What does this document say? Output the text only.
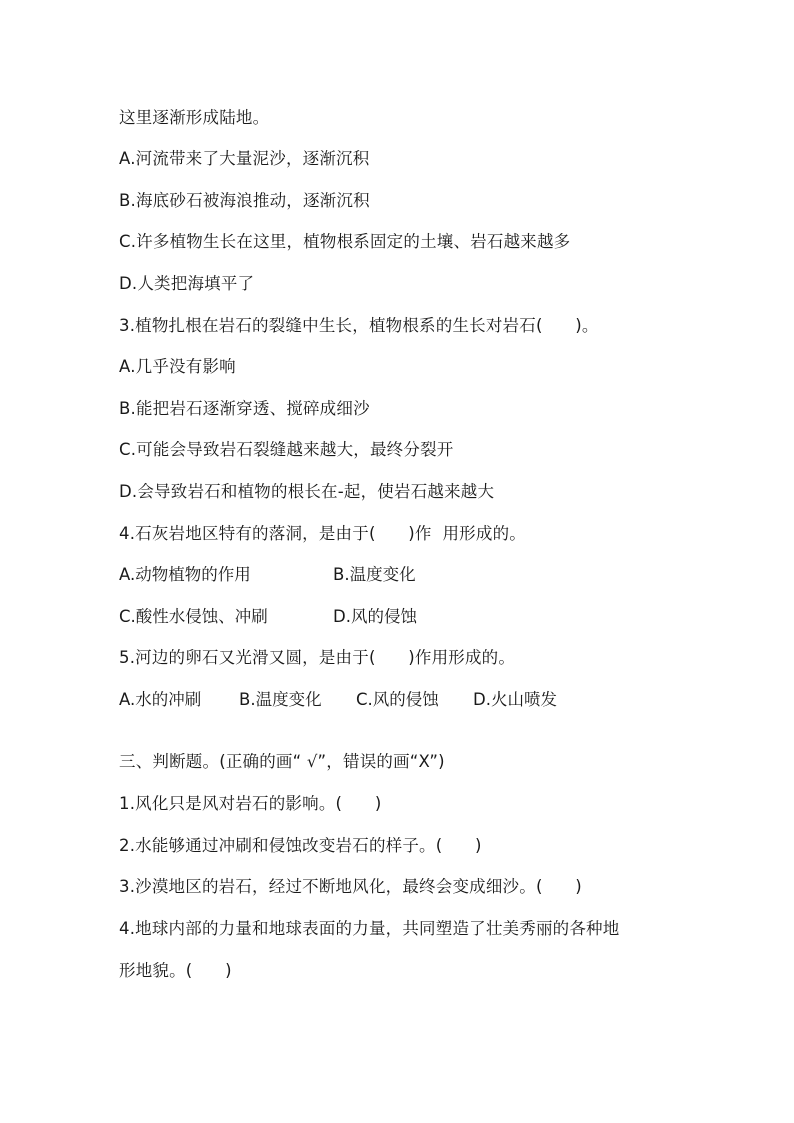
这里逐渐形成陆地。
A.河流带来了大量泥沙，逐渐沉积
B.海底砂石被海浪推动，逐渐沉积
C.许多植物生长在这里，植物根系固定的土壤、岩石越来越多
D.人类把海填平了
3.植物扎根在岩石的裂缝中生长，植物根系的生长对岩石(      )。
A.几乎没有影响
B.能把岩石逐渐穿透、搅碎成细沙
C.可能会导致岩石裂缝越来越大，最终分裂开
D.会导致岩石和植物的根长在-起，使岩石越来越大
4.石灰岩地区特有的落洞，是由于(      )作  用形成的。

A.动物植物的作用

	B.温度变化

C.酸性水侵蚀、冲刷

	D.风的侵蚀

5.河边的卵石又光滑又圆，是由于(      )作用形成的。

A.水的冲刷

B.温度变化

C.风的侵蚀

D.火山喷发

三、判断题。(正确的画“ √”，错误的画“X”)
1.风化只是风对岩石的影响。(      )
2.水能够通过冲刷和侵蚀改变岩石的样子。(      )
3.沙漠地区的岩石，经过不断地风化，最终会变成细沙。(      )
4.地球内部的力量和地球表面的力量，共同塑造了壮美秀丽的各种地
形地貌。(      )
